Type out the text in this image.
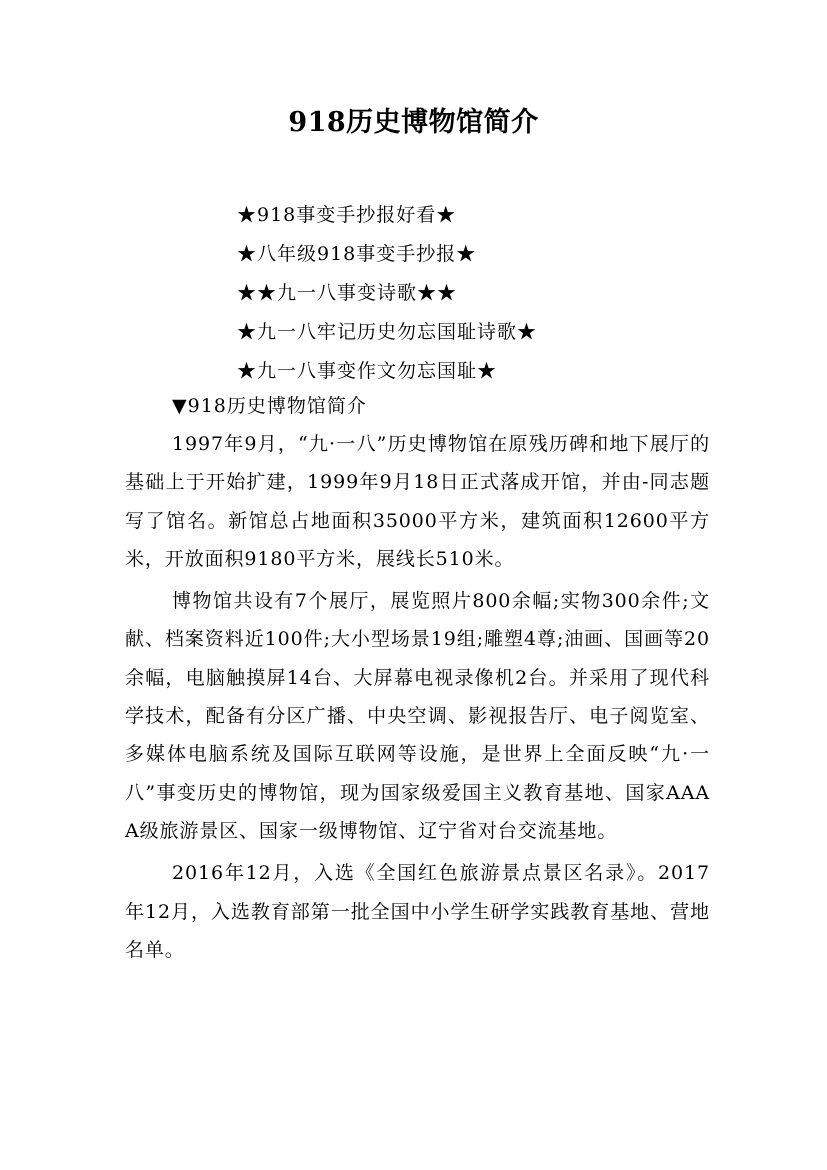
918历史博物馆简介
★918事变手抄报好看★
★八年级918事变手抄报★
★★九一八事变诗歌★★
★九一八牢记历史勿忘国耻诗歌★
★九一八事变作文勿忘国耻★
▼918历史博物馆简介

1997年9月，“九·一八”历史博物馆在原残历碑和地下展厅的基础上于开始扩建，1999年9月18日正式落成开馆，并由-同志题写了馆名。新馆总占地面积35000平方米，建筑面积12600平方米，开放面积9180平方米，展线长510米。

博物馆共设有7个展厅，展览照片800余幅;实物300余件;文献、档案资料近100件;大小型场景19组;雕塑4尊;油画、国画等20余幅，电脑触摸屏14台、大屏幕电视录像机2台。并采用了现代科学技术，配备有分区广播、中央空调、影视报告厅、电子阅览室、多媒体电脑系统及国际互联网等设施，是世界上全面反映“九·一八”事变历史的博物馆，现为国家级爱国主义教育基地、国家AAAA级旅游景区、国家一级博物馆、辽宁省对台交流基地。

2016年12月，入选《全国红色旅游景点景区名录》。2017年12月，入选教育部第一批全国中小学生研学实践教育基地、营地名单。
